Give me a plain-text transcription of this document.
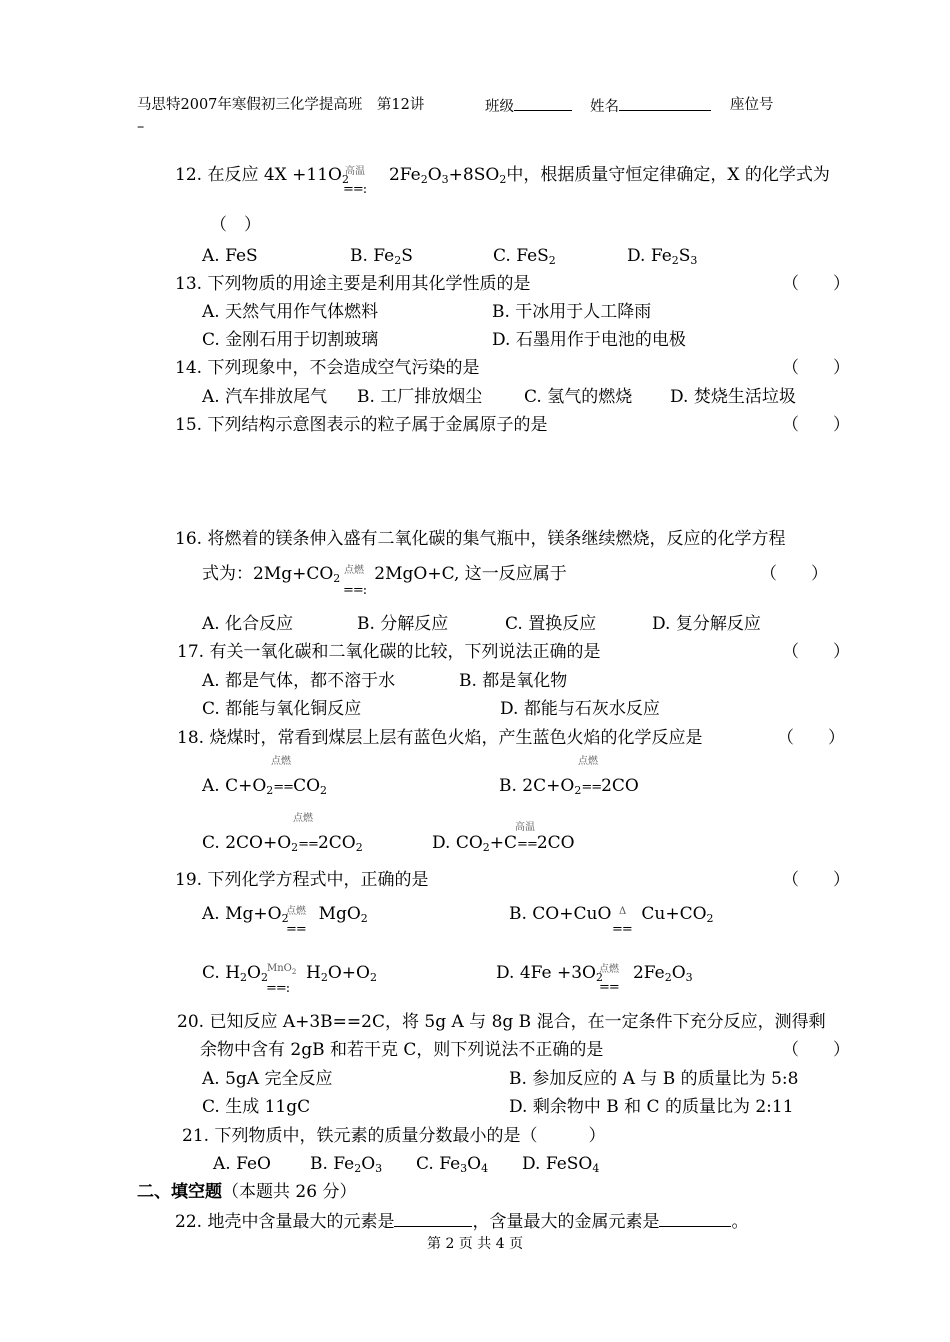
马思特2007年寒假初三化学提高班　第12讲	班级	姓名	座位号
–
12. 在反应 $4X +11O_2$ $2Fe_2O_3+8SO_2$中，根据质量守恒定律确定，X 的化学式为
高温
==:
（　）
A. FeS	B. $Fe_2S$	C. FeS$_2$	D. $Fe_2S_3$
13. 下列物质的用途主要是利用其化学性质的是	（　　）
A. 天然气用作气体燃料	B. 干冰用于人工降雨
C. 金刚石用于切割玻璃	D. 石墨用作于电池的电极
14. 下列现象中，不会造成空气污染的是	（　　）
A. 汽车排放尾气 B. 工厂排放烟尘 C. 氢气的燃烧 D. 焚烧生活垃圾
15. 下列结构示意图表示的粒子属于金属原子的是	（　　）
16. 将燃着的镁条伸入盛有二氧化碳的集气瓶中，镁条继续燃烧，反应的化学方程
式为：$2Mg+CO_2$ 2MgO+C, 这一反应属于
点燃
==:
（　　）
A. 化合反应	B. 分解反应	C. 置换反应	D. 复分解反应
17. 有关一氧化碳和二氧化碳的比较，下列说法正确的是	（　　）
A. 都是气体，都不溶于水	B. 都是氧化物
C. 都能与氧化铜反应	D. 都能与石灰水反应
18. 烧煤时，常看到煤层上层有蓝色火焰，产生蓝色火焰的化学反应是	（　　）
点燃
A. $C+O_2==CO_2$
点燃
B. $2C+O_2==2CO$
点燃
C. $2CO+O_2==2CO_2$
高温
D. $CO_2+C==2CO$
19. 下列化学方程式中，正确的是	（　　）
A. $Mg+O_2$ MgO$_2$
点燃
==
B. CO+CuO $Cu+CO_2$
Δ
==
C. $H_2O_2$ $H_2O+O_2$
MnO$_2$
==:
D. $4Fe +3O_2$ $2Fe_2O_3$
点燃
==
20. 已知反应 A+3B==2C，将 5g A 与 8g B 混合，在一定条件下充分反应，测得剩
余物中含有 2gB 和若干克 C，则下列说法不正确的是	（　　）
A. 5gA 完全反应	B. 参加反应的 A 与 B 的质量比为 5:8
C. 生成 11gC	D. 剩余物中 B 和 C 的质量比为 2:11
21. 下列物质中，铁元素的质量分数最小的是（　　　）
A. FeO B. $Fe_2O_3$ C. $Fe_3O_4$ D. FeSO$_4$
二、填空题（本题共 26 分）
22. 地壳中含量最大的元素是	，含量最大的金属元素是	。
第 2 页 共 4 页
